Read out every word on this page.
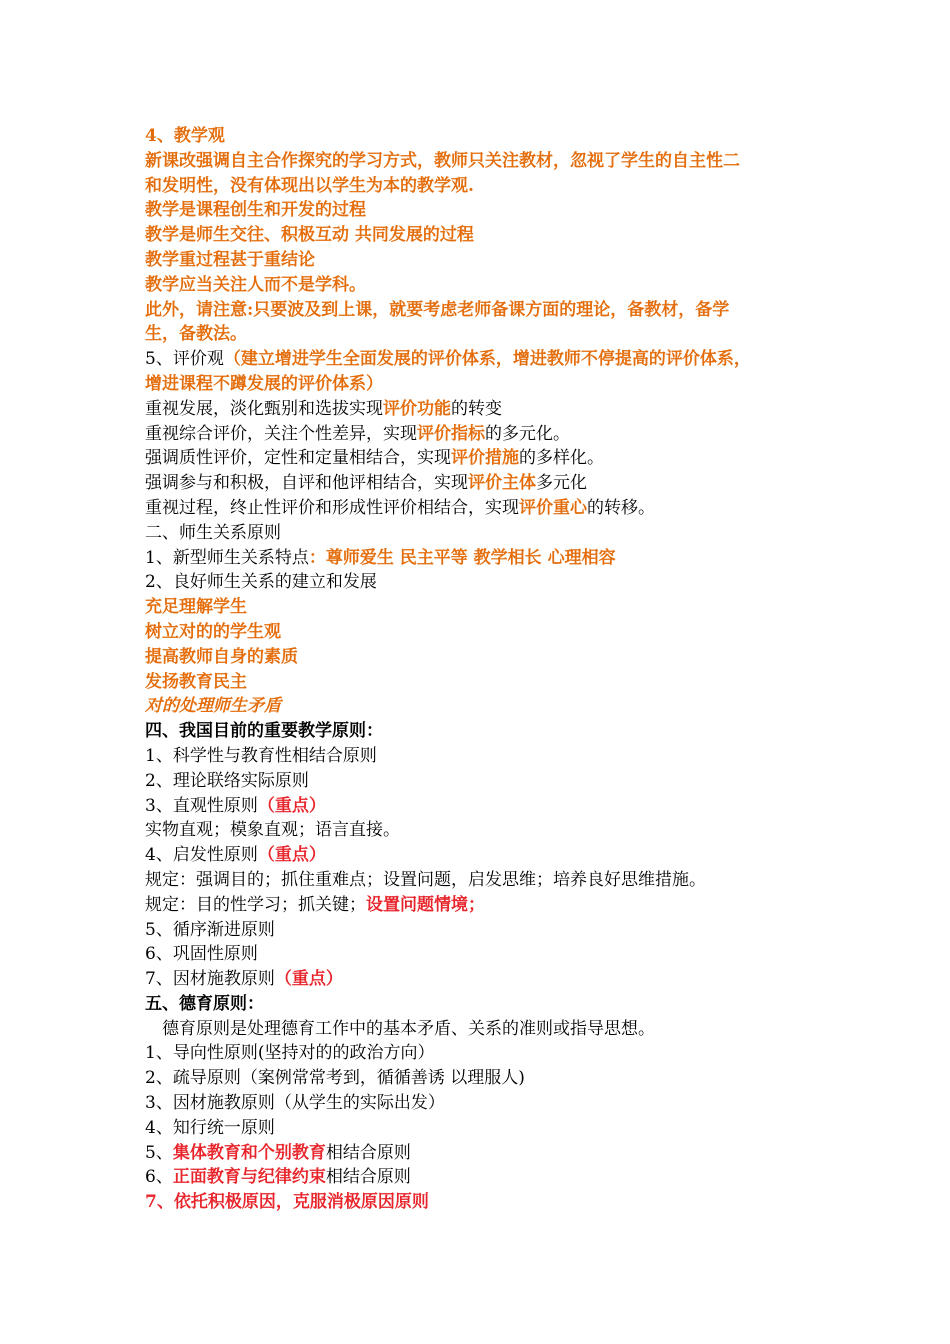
4、教学观
新课改强调自主合作探究的学习方式，教师只关注教材，忽视了学生的自主性二
和发明性，没有体现出以学生为本的教学观.
教学是课程创生和开发的过程
教学是师生交往、积极互动 共同发展的过程
教学重过程甚于重结论
教学应当关注人而不是学科。
此外，请注意:只要波及到上课，就要考虑老师备课方面的理论，备教材，备学
生，备教法。
5、评价观（建立增进学生全面发展的评价体系，增进教师不停提高的评价体系，
增进课程不蹲发展的评价体系）
重视发展，淡化甄别和选拔实现评价功能的转变
重视综合评价，关注个性差异，实现评价指标的多元化。
强调质性评价，定性和定量相结合，实现评价措施的多样化。
强调参与和积极，自评和他评相结合，实现评价主体多元化
重视过程，终止性评价和形成性评价相结合，实现评价重心的转移。
二、师生关系原则
1、新型师生关系特点：尊师爱生 民主平等 教学相长 心理相容
2、良好师生关系的建立和发展
充足理解学生
树立对的的学生观
提高教师自身的素质
发扬教育民主
对的处理师生矛盾
四、我国目前的重要教学原则：
1、科学性与教育性相结合原则
2、理论联络实际原则
3、直观性原则（重点）
实物直观；模象直观；语言直接。
4、启发性原则（重点）
规定：强调目的；抓住重难点；设置问题，启发思维；培养良好思维措施。
规定：目的性学习；抓关键；设置问题情境；
5、循序渐进原则
6、巩固性原则
7、因材施教原则（重点）
五、德育原则：
德育原则是处理德育工作中的基本矛盾、关系的准则或指导思想。
1、导向性原则(坚持对的的政治方向）
2、疏导原则（案例常常考到，循循善诱 以理服人)
3、因材施教原则（从学生的实际出发）
4、知行统一原则
5、集体教育和个别教育相结合原则
6、正面教育与纪律约束相结合原则
7、依托积极原因，克服消极原因原则
